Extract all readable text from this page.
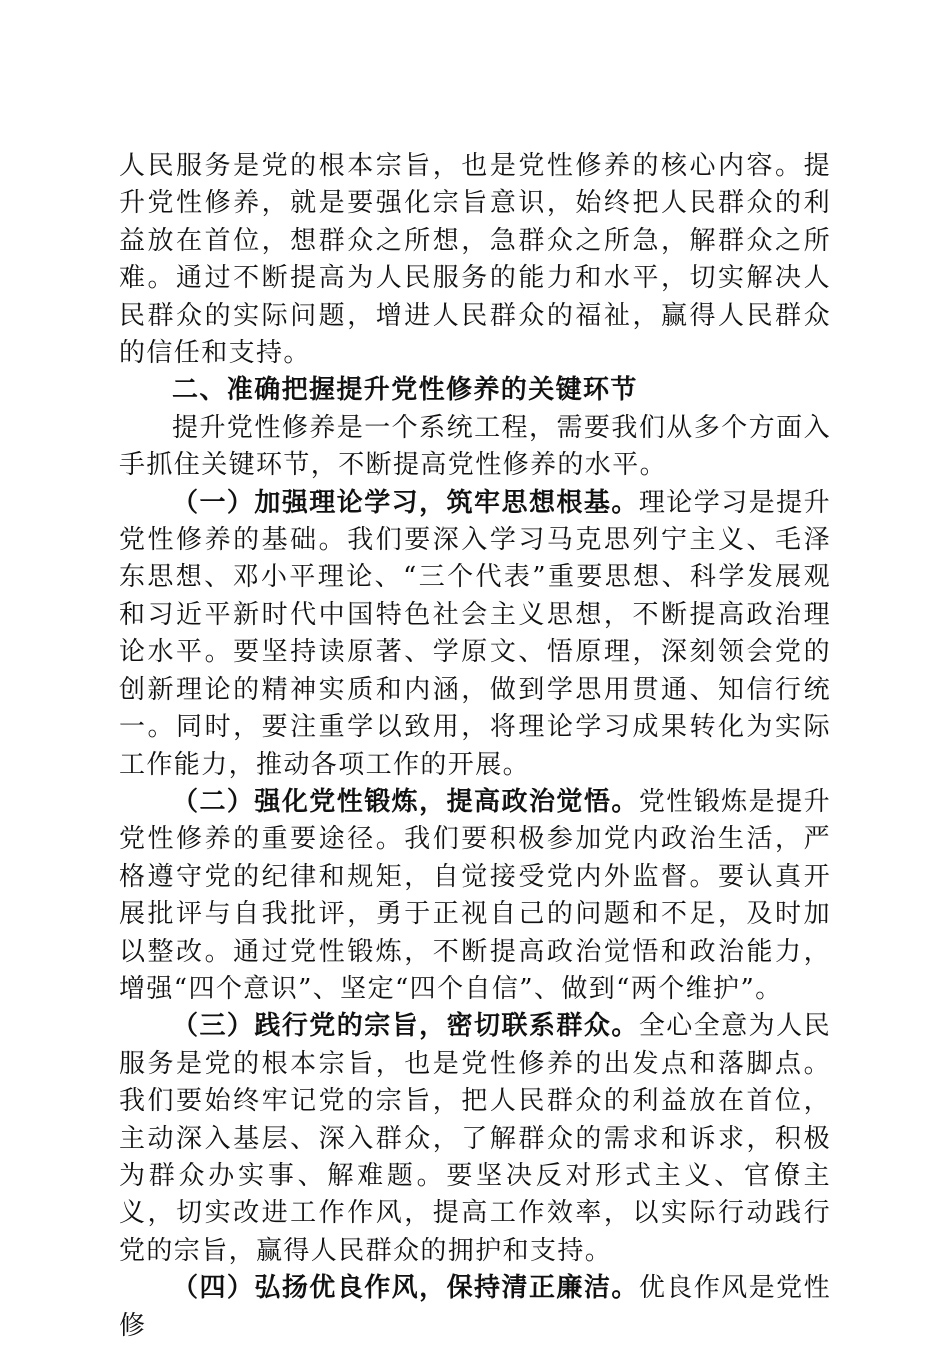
人民服务是党的根本宗旨，也是党性修养的核心内容。提升党性修养，就是要强化宗旨意识，始终把人民群众的利益放在首位，想群众之所想，急群众之所急，解群众之所难。通过不断提高为人民服务的能力和水平，切实解决人民群众的实际问题，增进人民群众的福祉，赢得人民群众的信任和支持。

二、准确把握提升党性修养的关键环节

提升党性修养是一个系统工程，需要我们从多个方面入手抓住关键环节，不断提高党性修养的水平。

（一）加强理论学习，筑牢思想根基。理论学习是提升党性修养的基础。我们要深入学习马克思列宁主义、毛泽东思想、邓小平理论、“三个代表”重要思想、科学发展观和习近平新时代中国特色社会主义思想，不断提高政治理论水平。要坚持读原著、学原文、悟原理，深刻领会党的创新理论的精神实质和内涵，做到学思用贯通、知信行统一。同时，要注重学以致用，将理论学习成果转化为实际工作能力，推动各项工作的开展。

（二）强化党性锻炼，提高政治觉悟。党性锻炼是提升党性修养的重要途径。我们要积极参加党内政治生活，严格遵守党的纪律和规矩，自觉接受党内外监督。要认真开展批评与自我批评，勇于正视自己的问题和不足，及时加以整改。通过党性锻炼，不断提高政治觉悟和政治能力，增强“四个意识”、坚定“四个自信”、做到“两个维护”。

（三）践行党的宗旨，密切联系群众。全心全意为人民服务是党的根本宗旨，也是党性修养的出发点和落脚点。我们要始终牢记党的宗旨，把人民群众的利益放在首位，主动深入基层、深入群众，了解群众的需求和诉求，积极为群众办实事、解难题。要坚决反对形式主义、官僚主义，切实改进工作作风，提高工作效率，以实际行动践行党的宗旨，赢得人民群众的拥护和支持。

（四）弘扬优良作风，保持清正廉洁。优良作风是党性修
